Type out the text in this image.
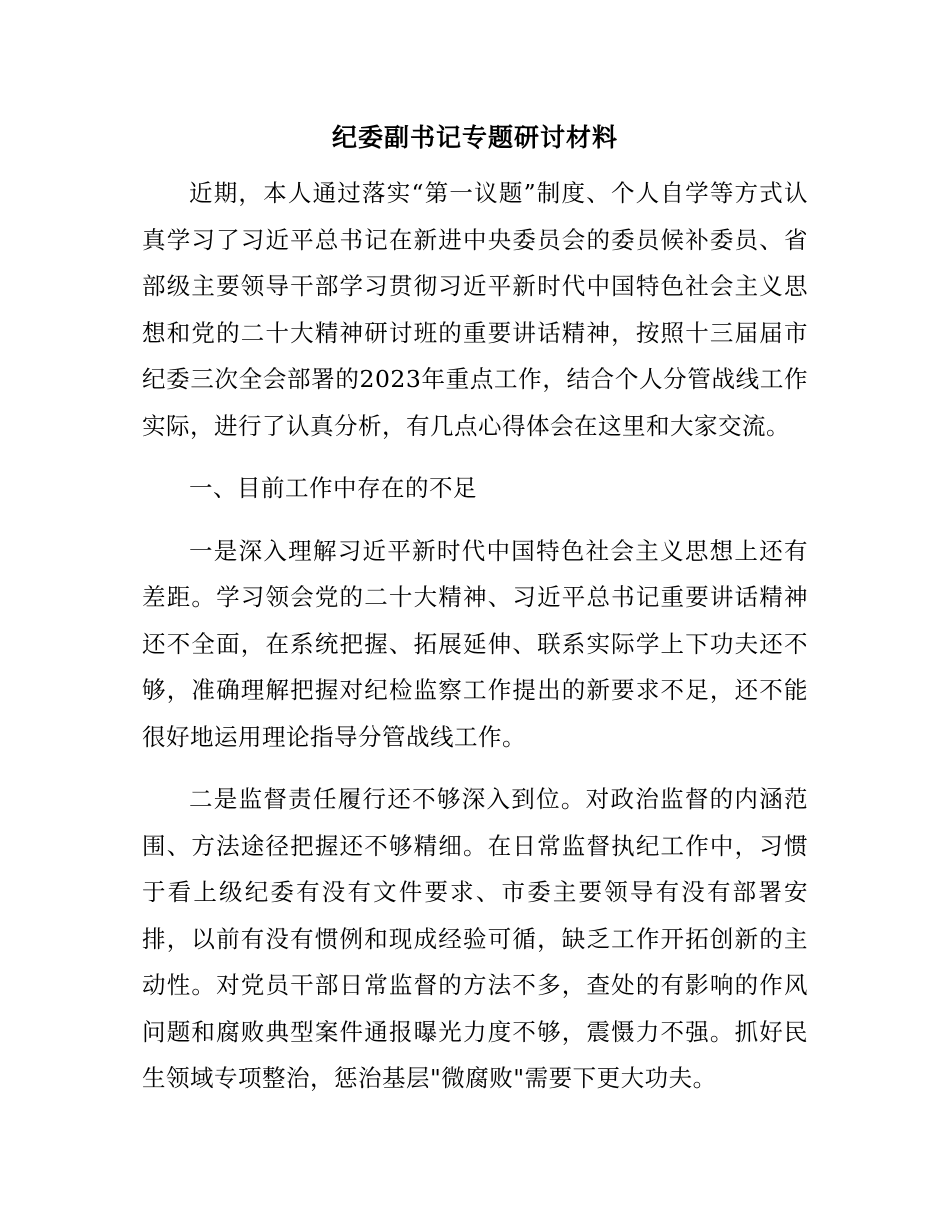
纪委副书记专题研讨材料

近期，本人通过落实“第一议题”制度、个人自学等方式认真学习了习近平总书记在新进中央委员会的委员候补委员、省部级主要领导干部学习贯彻习近平新时代中国特色社会主义思想和党的二十大精神研讨班的重要讲话精神，按照十三届届市纪委三次全会部署的2023年重点工作，结合个人分管战线工作实际，进行了认真分析，有几点心得体会在这里和大家交流。

一、目前工作中存在的不足

一是深入理解习近平新时代中国特色社会主义思想上还有差距。学习领会党的二十大精神、习近平总书记重要讲话精神还不全面，在系统把握、拓展延伸、联系实际学上下功夫还不够，准确理解把握对纪检监察工作提出的新要求不足，还不能很好地运用理论指导分管战线工作。

二是监督责任履行还不够深入到位。对政治监督的内涵范围、方法途径把握还不够精细。在日常监督执纪工作中，习惯于看上级纪委有没有文件要求、市委主要领导有没有部署安排，以前有没有惯例和现成经验可循，缺乏工作开拓创新的主动性。对党员干部日常监督的方法不多，查处的有影响的作风问题和腐败典型案件通报曝光力度不够，震慑力不强。抓好民生领域专项整治，惩治基层"微腐败"需要下更大功夫。
